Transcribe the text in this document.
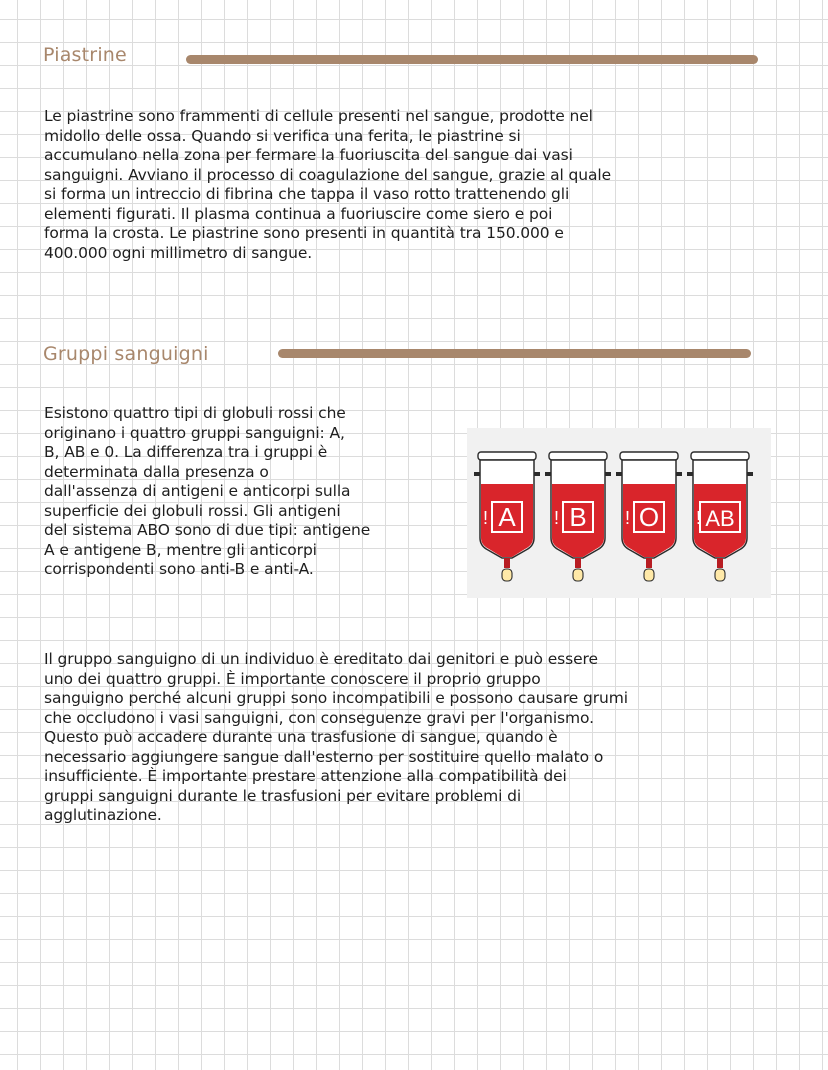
Piastrine
Le piastrine sono frammenti di cellule presenti nel sangue, prodotte nel
midollo delle ossa. Quando si verifica una ferita, le piastrine si
accumulano nella zona per fermare la fuoriuscita del sangue dai vasi
sanguigni. Avviano il processo di coagulazione del sangue, grazie al quale
si forma un intreccio di fibrina che tappa il vaso rotto trattenendo gli
elementi figurati. Il plasma continua a fuoriuscire come siero e poi
forma la crosta. Le piastrine sono presenti in quantità tra 150.000 e
400.000 ogni millimetro di sangue.
Gruppi sanguigni
Esistono quattro tipi di globuli rossi che
originano i quattro gruppi sanguigni: A,
B, AB e 0. La differenza tra i gruppi è
determinata dalla presenza o
dall'assenza di antigeni e anticorpi sulla
superficie dei globuli rossi. Gli antigeni
del sistema ABO sono di due tipi: antigene
A e antigene B, mentre gli anticorpi
corrispondenti sono anti-B e anti-A.
A
!	B
!	O
!	AB
!
Il gruppo sanguigno di un individuo è ereditato dai genitori e può essere
uno dei quattro gruppi. È importante conoscere il proprio gruppo
sanguigno perché alcuni gruppi sono incompatibili e possono causare grumi
che occludono i vasi sanguigni, con conseguenze gravi per l'organismo.
Questo può accadere durante una trasfusione di sangue, quando è
necessario aggiungere sangue dall'esterno per sostituire quello malato o
insufficiente. È importante prestare attenzione alla compatibilità dei
gruppi sanguigni durante le trasfusioni per evitare problemi di
agglutinazione.
